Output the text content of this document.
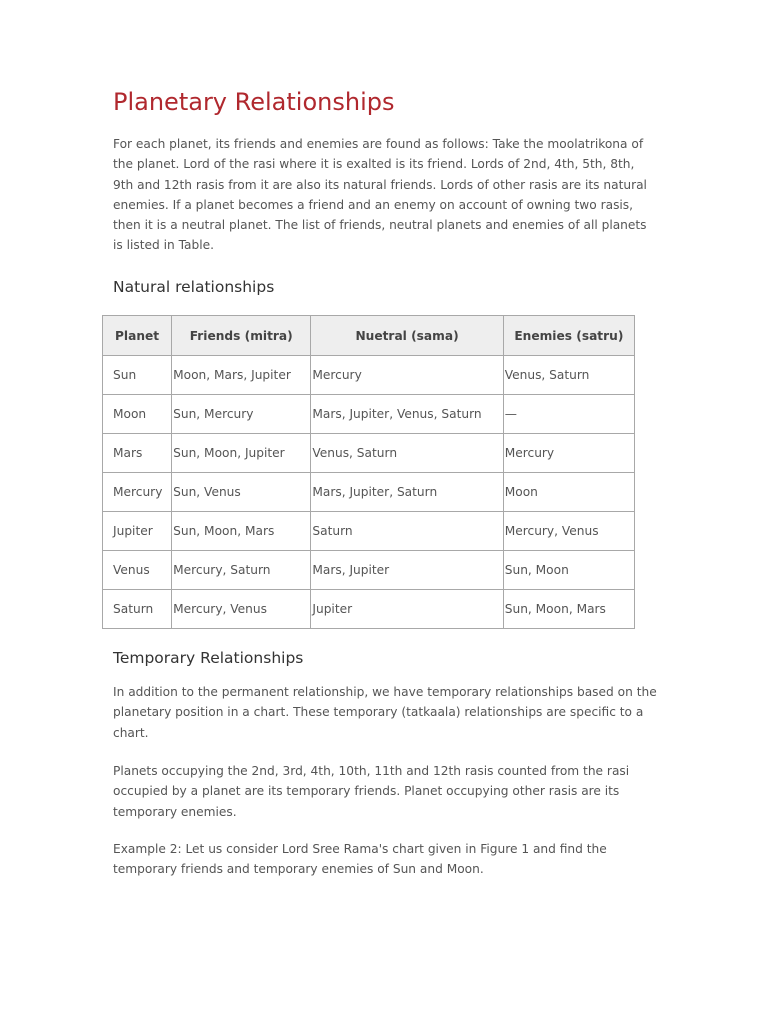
Planetary Relationships

For each planet, its friends and enemies are found as follows: Take the moolatrikona of the planet. Lord of the rasi where it is exalted is its friend. Lords of 2nd, 4th, 5th, 8th, 9th and 12th rasis from it are also its natural friends. Lords of other rasis are its natural enemies. If a planet becomes a friend and an enemy on account of owning two rasis, then it is a neutral planet. The list of friends, neutral planets and enemies of all planets is listed in Table.

Natural relationships
Planet	Friends (mitra)	Nuetral (sama)	Enemies (satru)
Sun	Moon, Mars, Jupiter	Mercury	Venus, Saturn
Moon	Sun, Mercury	Mars, Jupiter, Venus, Saturn	—
Mars	Sun, Moon, Jupiter	Venus, Saturn	Mercury
Mercury	Sun, Venus	Mars, Jupiter, Saturn	Moon
Jupiter	Sun, Moon, Mars	Saturn	Mercury, Venus
Venus	Mercury, Saturn	Mars, Jupiter	Sun, Moon
Saturn	Mercury, Venus	Jupiter	Sun, Moon, Mars
Temporary Relationships

In addition to the permanent relationship, we have temporary relationships based on the planetary position in a chart. These temporary (tatkaala) relationships are specific to a chart.

Planets occupying the 2nd, 3rd, 4th, 10th, 11th and 12th rasis counted from the rasi occupied by a planet are its temporary friends. Planet occupying other rasis are its temporary enemies.

Example 2: Let us consider Lord Sree Rama's chart given in Figure 1 and find the temporary friends and temporary enemies of Sun and Moon.
